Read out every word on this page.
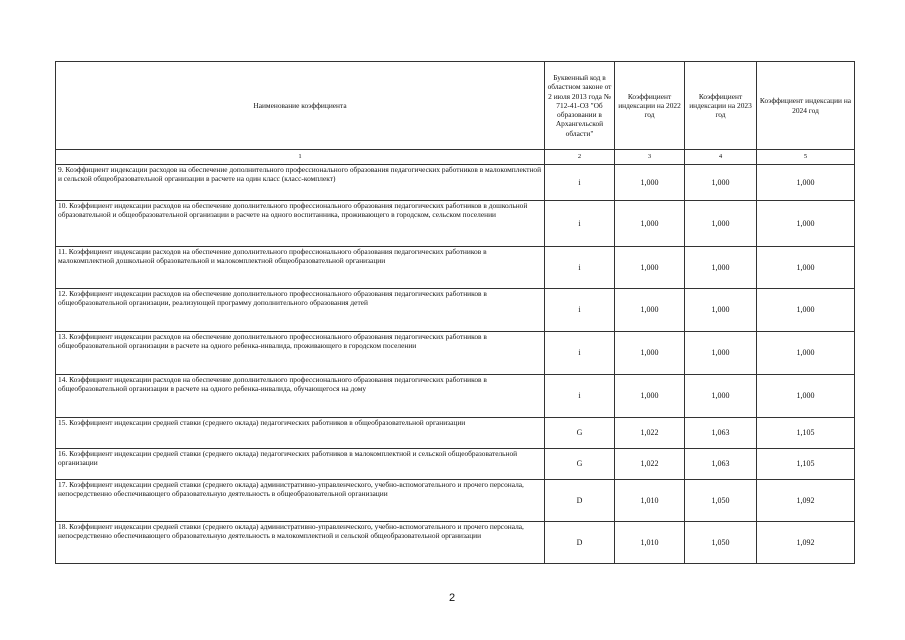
Наименование коэффициента	Буквенный код в областном законе от 2 июля 2013 года № 712-41-ОЗ "Об образовании в Архангельской области"	Коэффициент индексации на 2022 год	Коэффициент индексации на 2023 год	Коэффициент индексации на 2024 год
1	2	3	4	5
9. Коэффициент индексации расходов на обеспечение дополнительного профессионального образования педагогических работников в малокомплектной и сельской общеобразовательной организации в расчете на один класс (класс-комплект)	i	1,000	1,000	1,000
10. Коэффициент индексации расходов на обеспечение дополнительного профессионального образования педагогических работников в дошкольной образовательной и общеобразовательной организации в расчете на одного воспитанника, проживающего в городском, сельском поселении	i	1,000	1,000	1,000
11. Коэффициент индексации расходов на обеспечение дополнительного профессионального образования педагогических работников в малокомплектной дошкольной образовательной и малокомплектной общеобразовательной организации	i	1,000	1,000	1,000
12. Коэффициент индексации расходов на обеспечение дополнительного профессионального образования педагогических работников в общеобразовательной организации, реализующей программу дополнительного образования детей	i	1,000	1,000	1,000
13. Коэффициент индексации расходов на обеспечение дополнительного профессионального образования педагогических работников в общеобразовательной организации в расчете на одного ребенка-инвалида, проживающего в городском поселении	i	1,000	1,000	1,000
14. Коэффициент индексации расходов на обеспечение дополнительного профессионального образования педагогических работников в общеобразовательной организации в расчете на одного ребенка-инвалида, обучающегося на дому	i	1,000	1,000	1,000
15. Коэффициент индексации средней ставки (среднего оклада) педагогических работников в общеобразовательной организации	G	1,022	1,063	1,105
16. Коэффициент индексации средней ставки (среднего оклада) педагогических работников в малокомплектной и сельской общеобразовательной организации	G	1,022	1,063	1,105
17. Коэффициент индексации средней ставки (среднего оклада) административно-управленческого, учебно-вспомогательного и прочего персонала, непосредственно обеспечивающего образовательную деятельность в общеобразовательной организации	D	1,010	1,050	1,092
18. Коэффициент индексации средней ставки (среднего оклада) административно-управленческого, учебно-вспомогательного и прочего персонала, непосредственно обеспечивающего образовательную деятельность в малокомплектной и сельской общеобразовательной организации	D	1,010	1,050	1,092
2
